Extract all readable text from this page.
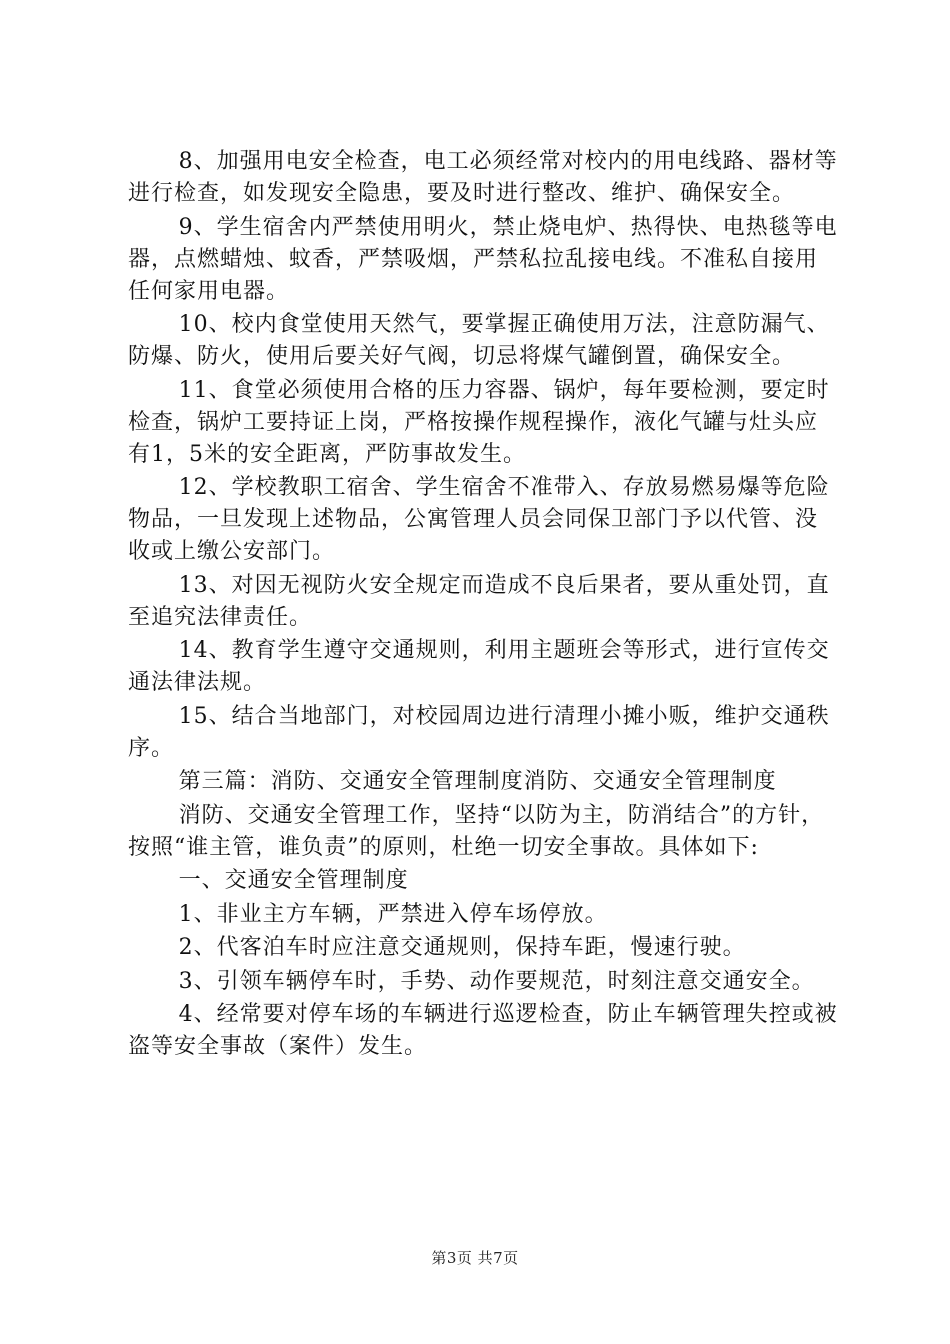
8、加强用电安全检查，电工必须经常对校内的用电线路、器材等进行检查，如发现安全隐患，要及时进行整改、维护、确保安全。

9、学生宿舍内严禁使用明火，禁止烧电炉、热得快、电热毯等电器，点燃蜡烛、蚊香，严禁吸烟，严禁私拉乱接电线。不准私自接用任何家用电器。

10、校内食堂使用天然气，要掌握正确使用万法，注意防漏气、防爆、防火，使用后要关好气阀，切忌将煤气罐倒置，确保安全。

11、食堂必须使用合格的压力容器、锅炉，每年要检测，要定时检查，锅炉工要持证上岗，严格按操作规程操作，液化气罐与灶头应有1，5米的安全距离，严防事故发生。

12、学校教职工宿舍、学生宿舍不准带入、存放易燃易爆等危险物品，一旦发现上述物品，公寓管理人员会同保卫部门予以代管、没收或上缴公安部门。

13、对因无视防火安全规定而造成不良后果者，要从重处罚，直至追究法律责任。

14、教育学生遵守交通规则，利用主题班会等形式，进行宣传交通法律法规。

15、结合当地部门，对校园周边进行清理小摊小贩，维护交通秩序。

第三篇：消防、交通安全管理制度消防、交通安全管理制度

消防、交通安全管理工作，坚持“以防为主，防消结合”的方针，按照“谁主管，谁负责”的原则，杜绝一切安全事故。具体如下:

一、交通安全管理制度

1、非业主方车辆，严禁进入停车场停放。

2、代客泊车时应注意交通规则，保持车距，慢速行驶。

3、引领车辆停车时，手势、动作要规范，时刻注意交通安全。

4、经常要对停车场的车辆进行巡逻检查，防止车辆管理失控或被盗等安全事故（案件）发生。

第3页 共7页
